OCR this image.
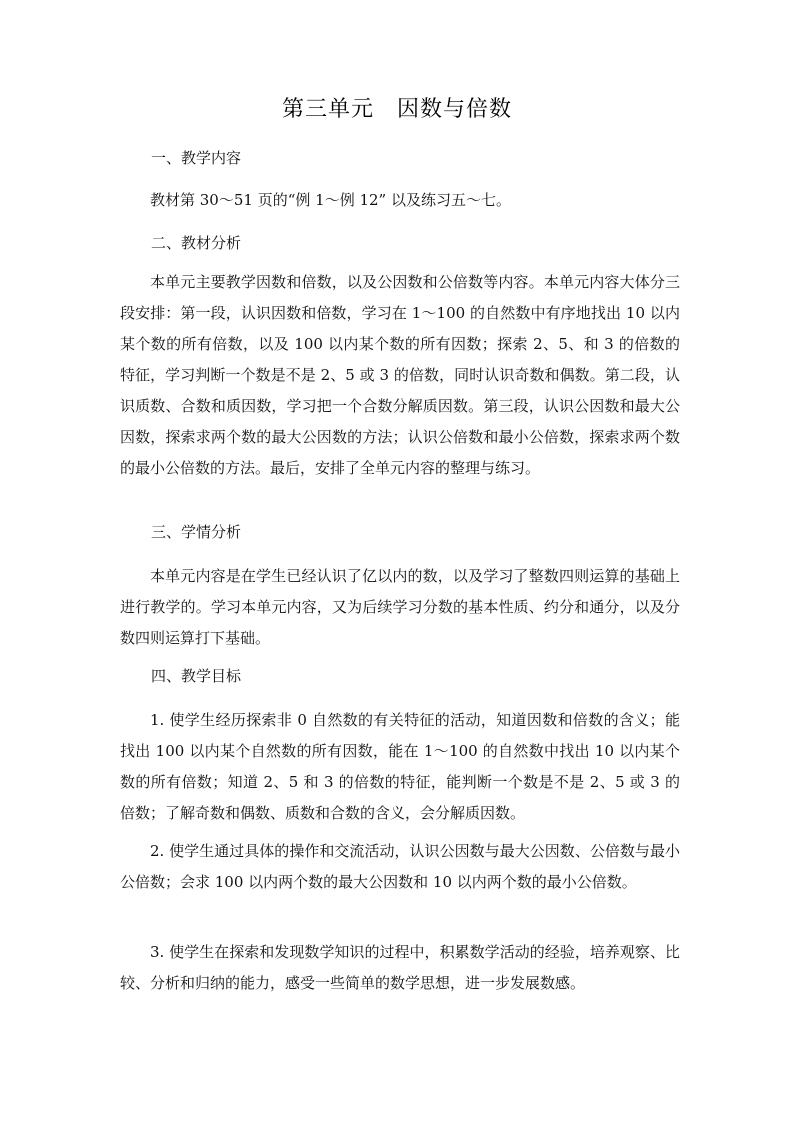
第三单元　因数与倍数
一、教学内容
教材第 30～51 页的“例 1～例 12” 以及练习五～七。
二、教材分析
本单元主要教学因数和倍数，以及公因数和公倍数等内容。本单元内容大体分三段安排：第一段，认识因数和倍数，学习在 1～100 的自然数中有序地找出 10 以内某个数的所有倍数，以及 100 以内某个数的所有因数；探索 2、5、和 3 的倍数的特征，学习判断一个数是不是 2、5 或 3 的倍数，同时认识奇数和偶数。第二段，认识质数、合数和质因数，学习把一个合数分解质因数。第三段，认识公因数和最大公因数，探索求两个数的最大公因数的方法；认识公倍数和最小公倍数，探索求两个数的最小公倍数的方法。最后，安排了全单元内容的整理与练习。
三、学情分析
本单元内容是在学生已经认识了亿以内的数，以及学习了整数四则运算的基础上进行教学的。学习本单元内容，又为后续学习分数的基本性质、约分和通分，以及分数四则运算打下基础。
四、教学目标
1. 使学生经历探索非 0 自然数的有关特征的活动，知道因数和倍数的含义；能找出 100 以内某个自然数的所有因数，能在 1～100 的自然数中找出 10 以内某个数的所有倍数；知道 2、5 和 3 的倍数的特征，能判断一个数是不是 2、5 或 3 的倍数；了解奇数和偶数、质数和合数的含义，会分解质因数。
2. 使学生通过具体的操作和交流活动，认识公因数与最大公因数、公倍数与最小公倍数；会求 100 以内两个数的最大公因数和 10 以内两个数的最小公倍数。
3. 使学生在探索和发现数学知识的过程中，积累数学活动的经验，培养观察、比较、分析和归纳的能力，感受一些简单的数学思想，进一步发展数感。
